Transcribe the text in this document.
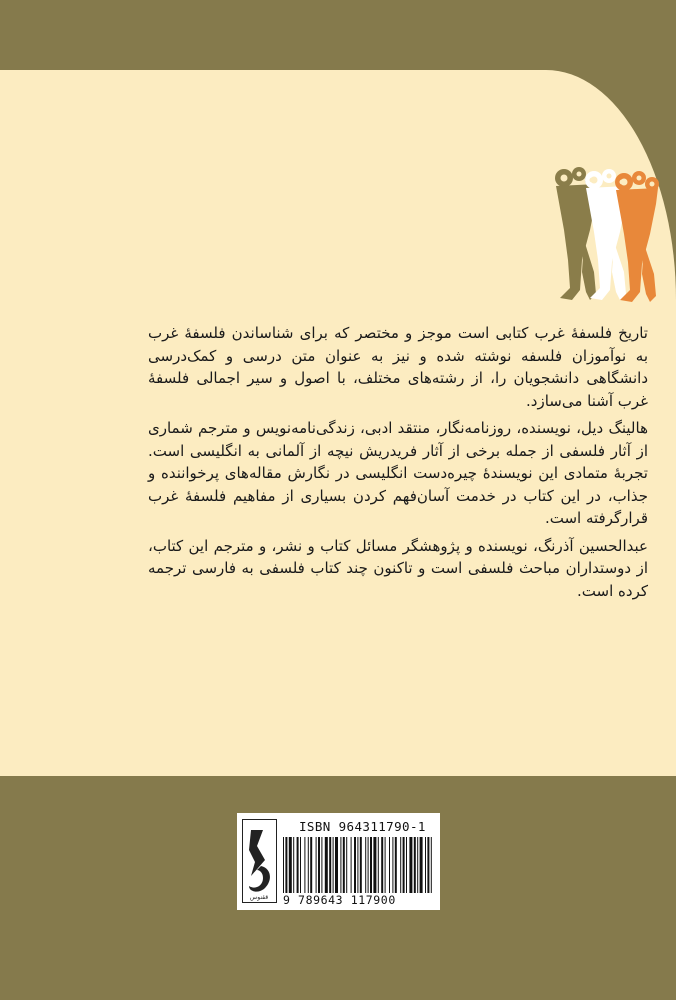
تاریخ فلسفهٔ غرب کتابی است موجز و مختصر که برای شناساندن فلسفهٔ غرب به نوآموزان فلسفه نوشته شده و نیز به عنوان متن درسی و کمک‌درسی دانشگاهی دانشجویان را، از رشته‌های مختلف، با اصول و سیر اجمالی فلسفهٔ غرب آشنا می‌سازد.

هالینگ دیل، نویسنده، روزنامه‌نگار، منتقد ادبی، زندگی‌نامه‌نویس و مترجم شماری از آثار فلسفی از جمله برخی از آثار فریدریش نیچه از آلمانی به انگلیسی است. تجربهٔ متمادی این نویسندهٔ چیره‌دست انگلیسی در نگارش مقاله‌های پرخواننده و جذاب، در این کتاب در خدمت آسان‌فهم کردن بسیاری از مفاهیم فلسفهٔ غرب قرارگرفته است.

عبدالحسین آذرنگ، نویسنده و پژوهشگر مسائل کتاب و نشر، و مترجم این کتاب، از دوستداران مباحث فلسفی است و تاکنون چند کتاب فلسفی به فارسی ترجمه کرده است.

ققنوس
ISBN 964311790-1
9 789643 117900
